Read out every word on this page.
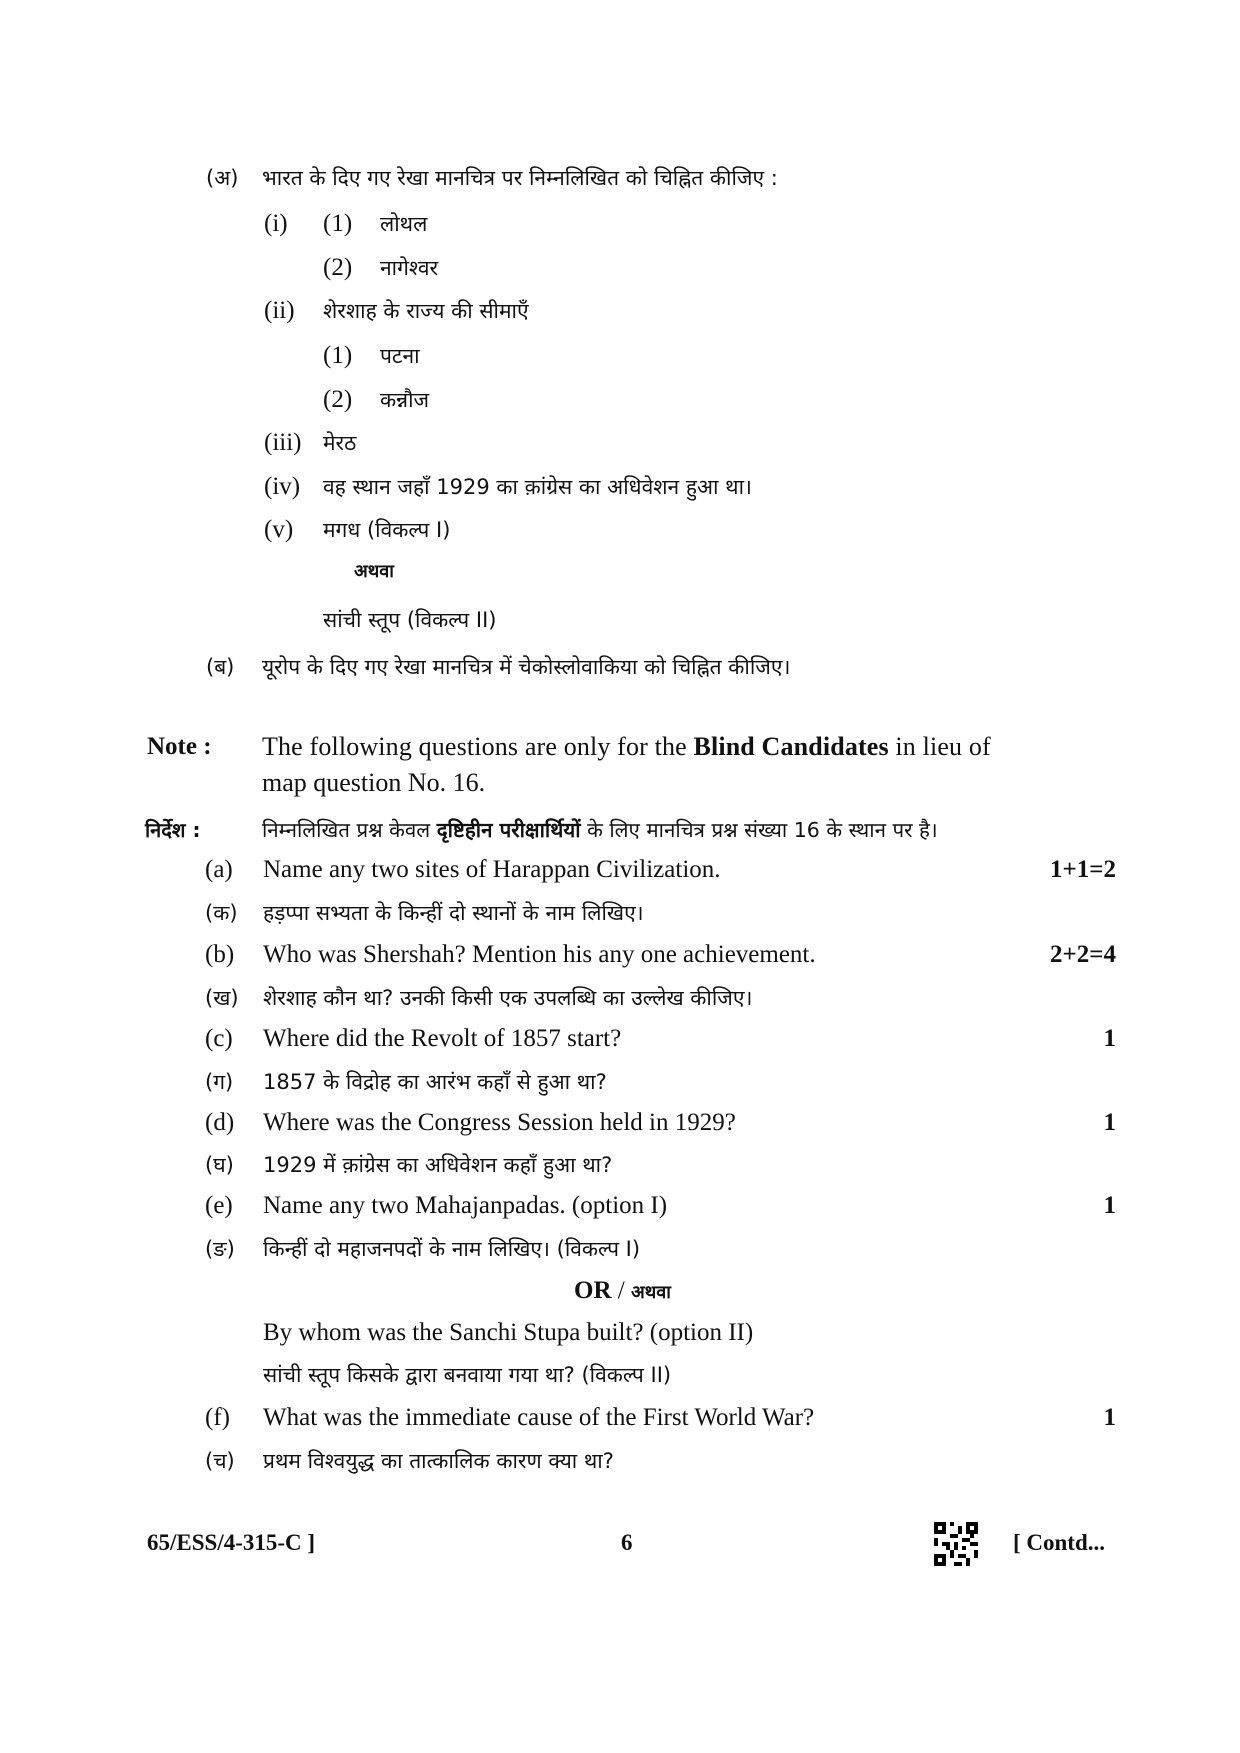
(अ) भारत के दिए गए रेखा मानचित्र पर निम्नलिखित को चिह्नित कीजिए :
(i) (1) लोथल
(2) नागेश्वर
(ii) शेरशाह के राज्य की सीमाएँ
(1) पटना
(2) कन्नौज
(iii) मेरठ
(iv) वह स्थान जहाँ 1929 का क़ांग्रेस का अधिवेशन हुआ था।
(v) मगध (विकल्प I)
अथवा
सांची स्तूप (विकल्प II)
(ब) यूरोप के दिए गए रेखा मानचित्र में चेकोस्लोवाकिया को चिह्नित कीजिए।
Note : The following questions are only for the Blind Candidates in lieu of
map question No. 16.
निर्देश :	निम्नलिखित प्रश्न केवल दृष्टिहीन परीक्षार्थियों के लिए मानचित्र प्रश्न संख्या 16 के स्थान पर है।
(a) Name any two sites of Harappan Civilization.	1+1=2
(क) हड़प्पा सभ्यता के किन्हीं दो स्थानों के नाम लिखिए।
(b) Who was Shershah? Mention his any one achievement.	2+2=4
(ख) शेरशाह कौन था? उनकी किसी एक उपलब्धि का उल्लेख कीजिए।
(c) Where did the Revolt of 1857 start?	1
(ग) 1857 के विद्रोह का आरंभ कहाँ से हुआ था?
(d) Where was the Congress Session held in 1929?	1
(घ) 1929 में क़ांग्रेस का अधिवेशन कहाँ हुआ था?
(e) Name any two Mahajanpadas. (option I)	1
(ङ) किन्हीं दो महाजनपदों के नाम लिखिए। (विकल्प I)
OR / अथवा
By whom was the Sanchi Stupa built? (option II)
सांची स्तूप किसके द्वारा बनवाया गया था? (विकल्प II)
(f) What was the immediate cause of the First World War?	1
(च) प्रथम विश्वयुद्ध का तात्कालिक कारण क्या था?
65/ESS/4-315-C ]	6	[ Contd...
